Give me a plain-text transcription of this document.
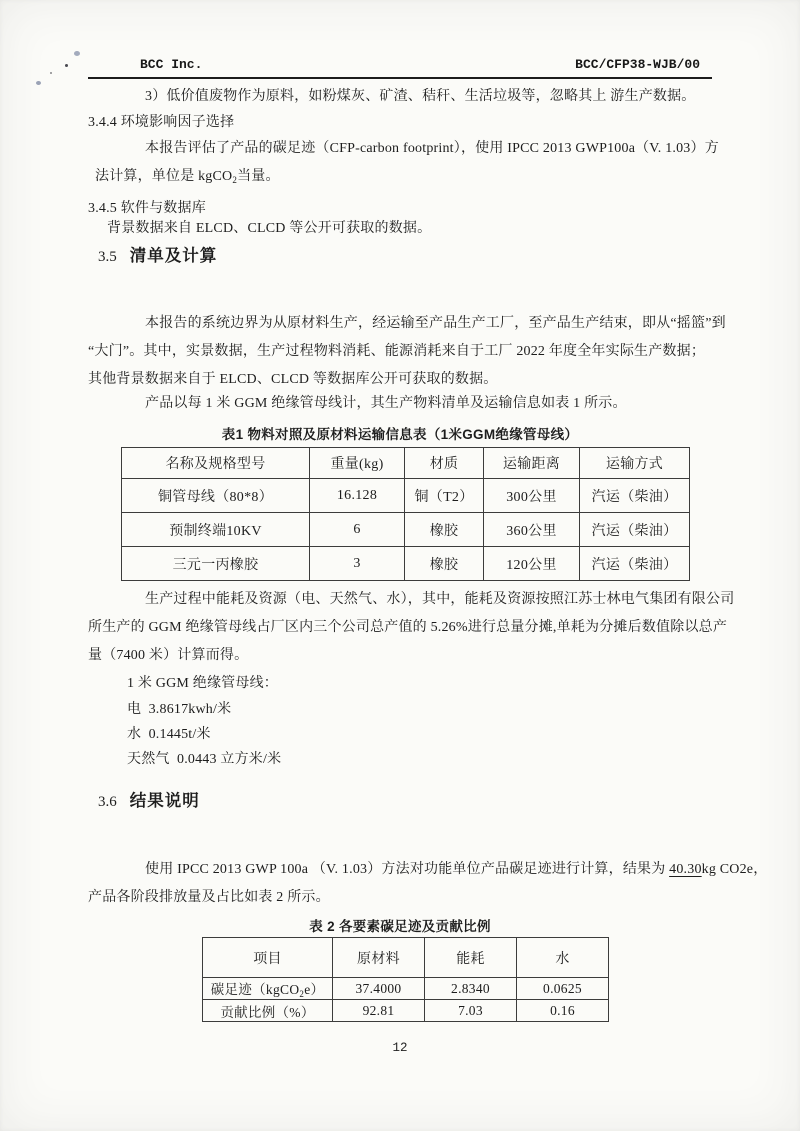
BCC Inc.	BCC/CFP38-WJB/00
3）低价值废物作为原料，如粉煤灰、矿渣、秸秆、生活垃圾等，忽略其上 游生产数据。
3.4.4 环境影响因子选择
本报告评估了产品的碳足迹（CFP-carbon footprint），使用 IPCC 2013 GWP100a（V. 1.03）方
法计算，单位是 kgCO$_2$当量。
3.4.5 软件与数据库
背景数据来自 ELCD、CLCD 等公开可获取的数据。
3.5 清单及计算
本报告的系统边界为从原材料生产，经运输至产品生产工厂，至产品生产结束，即从“摇篮”到
“大门”。其中，实景数据，生产过程物料消耗、能源消耗来自于工厂 2022 年度全年实际生产数据；
其他背景数据来自于 ELCD、CLCD 等数据库公开可获取的数据。
产品以每 1 米 GGM 绝缘管母线计，其生产物料清单及运输信息如表 1 所示。
表1 物料对照及原材料运输信息表（1米GGM绝缘管母线）
名称及规格型号	重量(kg)	材质	运输距离	运输方式
铜管母线（80*8）	16.128	铜（T2）	300公里	汽运（柴油）
预制终端10KV	6	橡胶	360公里	汽运（柴油）
三元一丙橡胶	3	橡胶	120公里	汽运（柴油）
生产过程中能耗及资源（电、天然气、水），其中，能耗及资源按照江苏士林电气集团有限公司
所生产的 GGM 绝缘管母线占厂区内三个公司总产值的 5.26%进行总量分摊,单耗为分摊后数值除以总产
量（7400 米）计算而得。
1 米 GGM 绝缘管母线：
电  3.8617kwh/米
水  0.1445t/米
天然气  0.0443 立方米/米
3.6 结果说明
使用 IPCC 2013 GWP 100a （V. 1.03）方法对功能单位产品碳足迹进行计算，结果为 40.30kg CO2e，
产品各阶段排放量及占比如表 2 所示。
表 2 各要素碳足迹及贡献比例
项目	原材料	能耗	水
碳足迹（kgCO$_2$e）	37.4000	2.8340	0.0625
贡献比例（%）	92.81	7.03	0.16
12
